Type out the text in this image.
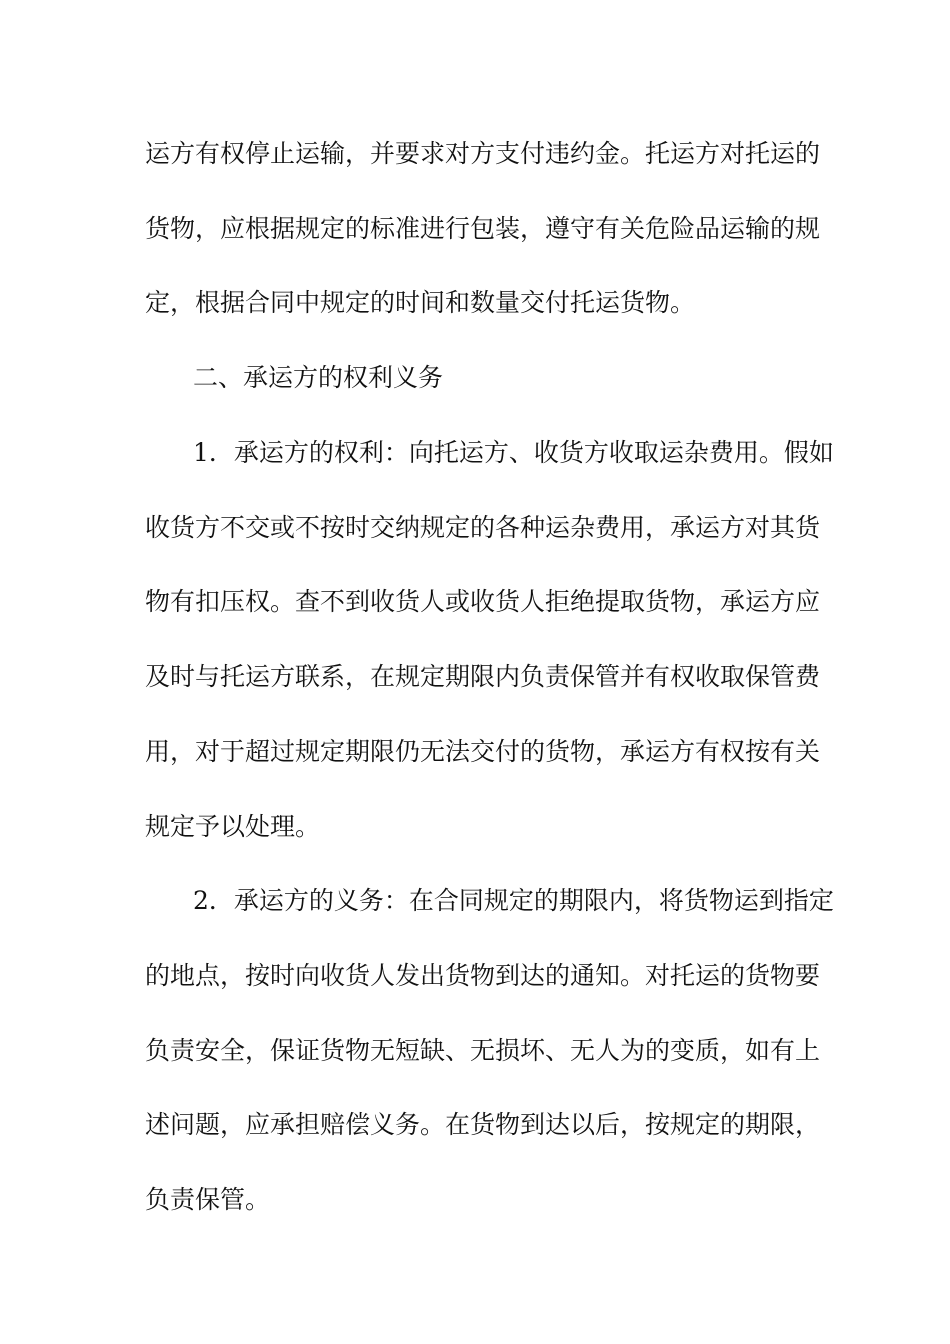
运方有权停止运输，并要求对方支付违约金。托运方对托运的
货物，应根据规定的标准进行包装，遵守有关危险品运输的规
定，根据合同中规定的时间和数量交付托运货物。
二、承运方的权利义务
1．承运方的权利：向托运方、收货方收取运杂费用。假如
收货方不交或不按时交纳规定的各种运杂费用，承运方对其货
物有扣压权。查不到收货人或收货人拒绝提取货物，承运方应
及时与托运方联系，在规定期限内负责保管并有权收取保管费
用，对于超过规定期限仍无法交付的货物，承运方有权按有关
规定予以处理。
2．承运方的义务：在合同规定的期限内，将货物运到指定
的地点，按时向收货人发出货物到达的通知。对托运的货物要
负责安全，保证货物无短缺、无损坏、无人为的变质，如有上
述问题，应承担赔偿义务。在货物到达以后，按规定的期限，
负责保管。
